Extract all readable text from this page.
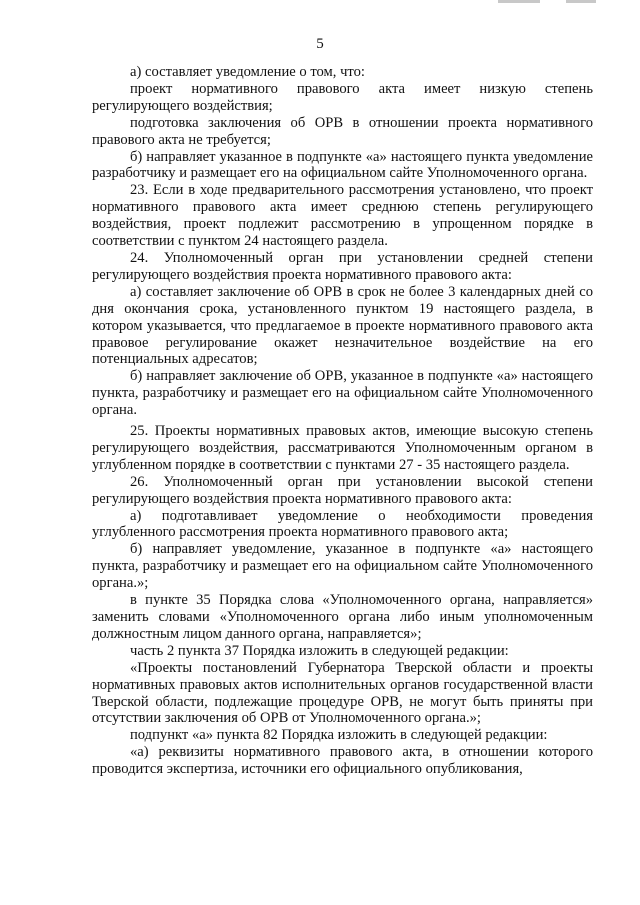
5

а) составляет уведомление о том, что:

проект нормативного правового акта имеет низкую степень регулирующего воздействия;

подготовка заключения об ОРВ в отношении проекта нормативного правового акта не требуется;

б) направляет указанное в подпункте «а» настоящего пункта уведомление разработчику и размещает его на официальном сайте Уполномоченного органа.

23. Если в ходе предварительного рассмотрения установлено, что проект нормативного правового акта имеет среднюю степень регулирующего воздействия, проект подлежит рассмотрению в упрощенном порядке в соответствии с пунктом 24 настоящего раздела.

24. Уполномоченный орган при установлении средней степени регулирующего воздействия проекта нормативного правового акта:

а) составляет заключение об ОРВ в срок не более 3 календарных дней со дня окончания срока, установленного пунктом 19 настоящего раздела, в котором указывается, что предлагаемое в проекте нормативного правового акта правовое регулирование окажет незначительное воздействие на его потенциальных адресатов;

б) направляет заключение об ОРВ, указанное в подпункте «а» настоящего пункта, разработчику и размещает его на официальном сайте Уполномоченного органа.

25. Проекты нормативных правовых актов, имеющие высокую степень регулирующего воздействия, рассматриваются Уполномоченным органом в углубленном порядке в соответствии с пунктами 27 - 35 настоящего раздела.

26. Уполномоченный орган при установлении высокой степени регулирующего воздействия проекта нормативного правового акта:

а) подготавливает уведомление о необходимости проведения углубленного рассмотрения проекта нормативного правового акта;

б) направляет уведомление, указанное в подпункте «а» настоящего пункта, разработчику и размещает его на официальном сайте Уполномоченного органа.»;

в пункте 35 Порядка слова «Уполномоченного органа, направляется» заменить словами «Уполномоченного органа либо иным уполномоченным должностным лицом данного органа, направляется»;

часть 2 пункта 37 Порядка изложить в следующей редакции:

«Проекты постановлений Губернатора Тверской области и проекты нормативных правовых актов исполнительных органов государственной власти Тверской области, подлежащие процедуре ОРВ, не могут быть приняты при отсутствии заключения об ОРВ от Уполномоченного органа.»;

подпункт «а» пункта 82 Порядка изложить в следующей редакции:

«а) реквизиты нормативного правового акта, в отношении которого проводится экспертиза, источники его официального опубликования,
